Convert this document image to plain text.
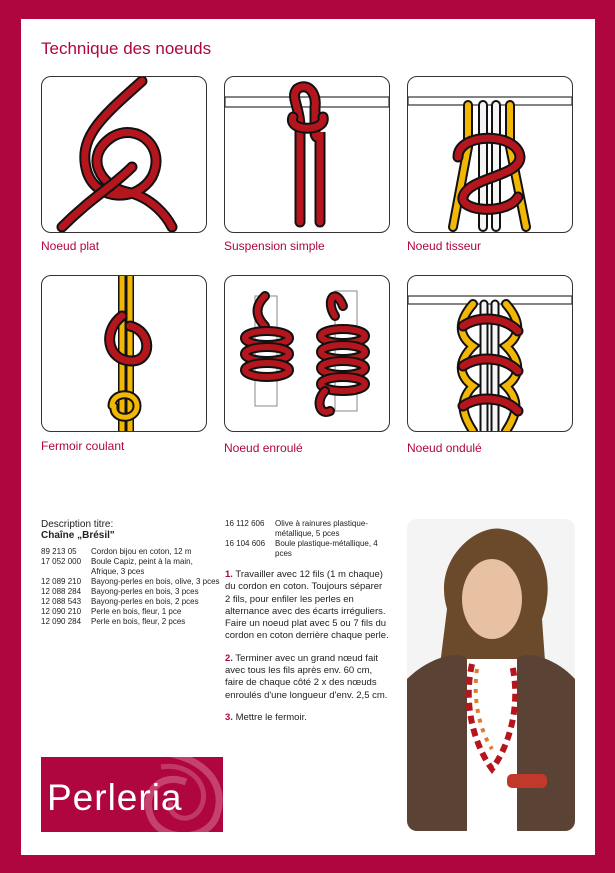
Technique des noeuds
Noeud plat	Suspension simple	Noeud tisseur
Fermoir coulant	Noeud enroulé	Noeud ondulé
Description titre:
Chaîne „Brésil"
89 213 05	Cordon bijou en coton, 12 m
17 052 000	Boule Capiz, peint à la main, Afrique, 3 pces
12 089 210	Bayong-perles en bois, olive, 3 pces
12 088 284	Bayong-perles en bois, 3 pces
12 088 543	Bayong-perles en bois, 2 pces
12 090 210	Perle en bois, fleur, 1 pce
12 090 284	Perle en bois, fleur, 2 pces
16 112 606	Olive à rainures plastique-métallique, 5 pces
16 104 606	Boule plastique-métallique, 4 pces
1. Travailler avec 12 fils (1 m chaque) du cordon en coton. Toujours séparer 2 fils, pour enfiler les perles en alternance avec des écarts irréguliers. Faire un noeud plat avec 5 ou 7 fils du cordon en coton derrière chaque perle.
2. Terminer avec un grand nœud fait avec tous les fils après env. 60 cm, faire de chaque côté 2 x des nœuds enroulés d'une longueur d'env. 2,5 cm.
3. Mettre le fermoir.
Perleria
